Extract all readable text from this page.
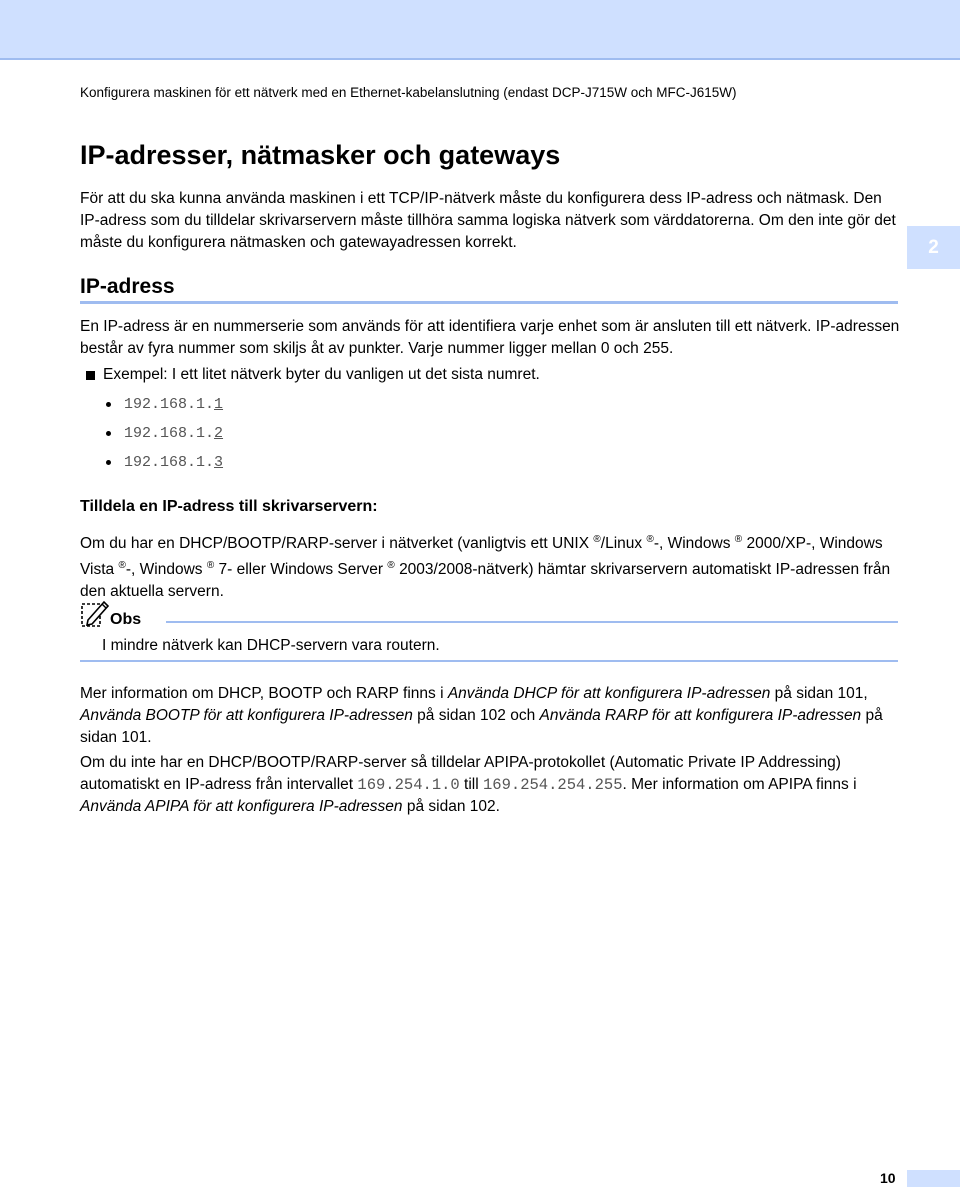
Konfigurera maskinen för ett nätverk med en Ethernet-kabelanslutning (endast DCP-J715W och MFC-J615W)
IP-adresser, nätmasker och gateways

För att du ska kunna använda maskinen i ett TCP/IP-nätverk måste du konfigurera dess IP-adress och nätmask. Den IP-adress som du tilldelar skrivarservern måste tillhöra samma logiska nätverk som värddatorerna. Om den inte gör det måste du konfigurera nätmasken och gatewayadressen korrekt.	2
IP-adress

En IP-adress är en nummerserie som används för att identifiera varje enhet som är ansluten till ett nätverk. IP-adressen består av fyra nummer som skiljs åt av punkter. Varje nummer ligger mellan 0 och 255.

Exempel: I ett litet nätverk byter du vanligen ut det sista numret.
192.168.1. 1
192.168.1. 2
192.168.1. 3
Tilldela en IP-adress till skrivarservern:

Om du har en DHCP/BOOTP/RARP-server i nätverket (vanligtvis ett UNIX ®/Linux ®-, Windows ® 2000/XP-, Windows Vista ®-, Windows ® 7- eller Windows Server ® 2003/2008-nätverk) hämtar skrivarservern automatiskt IP-adressen från den aktuella servern.

Obs
I mindre nätverk kan DHCP-servern vara routern.

Mer information om DHCP, BOOTP och RARP finns i Använda DHCP för att konfigurera IP-adressen på sidan 101, Använda BOOTP för att konfigurera IP-adressen på sidan 102 och Använda RARP för att konfigurera IP-adressen på sidan 101.

Om du inte har en DHCP/BOOTP/RARP-server så tilldelar APIPA-protokollet (Automatic Private IP Addressing) automatiskt en IP-adress från intervallet 169.254.1.0 till 169.254.254.255. Mer information om APIPA finns i Använda APIPA för att konfigurera IP-adressen på sidan 102.

10
